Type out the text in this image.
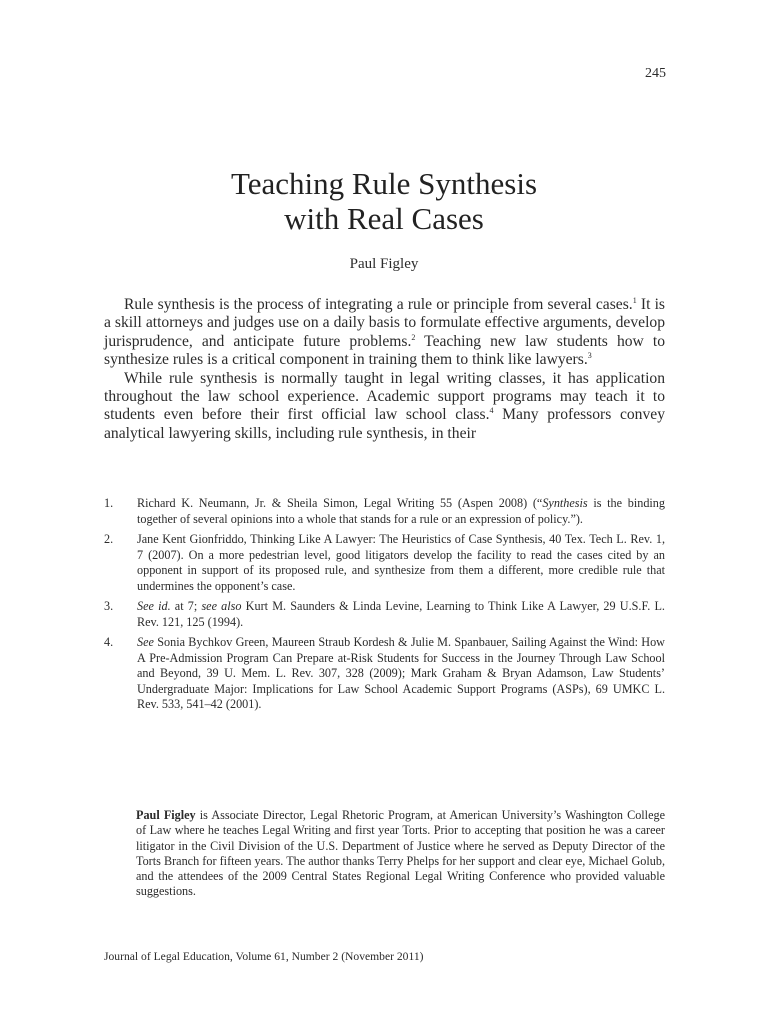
245
Teaching Rule Synthesis
with Real Cases
Paul Figley

Rule synthesis is the process of integrating a rule or principle from several cases.$^1$ It is a skill attorneys and judges use on a daily basis to formulate effective arguments, develop jurisprudence, and anticipate future problems.$^2$ Teaching new law students how to synthesize rules is a critical component in training them to think like lawyers.$^3$

While rule synthesis is normally taught in legal writing classes, it has application throughout the law school experience. Academic support programs may teach it to students even before their first official law school class.$^4$ Many professors convey analytical lawyering skills, including rule synthesis, in their

1.	Richard K. Neumann, Jr. & Sheila Simon, Legal Writing 55 (Aspen 2008) (“Synthesis is the binding together of several opinions into a whole that stands for a rule or an expression of policy.”).
2.	Jane Kent Gionfriddo, Thinking Like A Lawyer: The Heuristics of Case Synthesis, 40 Tex. Tech L. Rev. 1, 7 (2007). On a more pedestrian level, good litigators develop the facility to read the cases cited by an opponent in support of its proposed rule, and synthesize from them a different, more credible rule that undermines the opponent’s case.
3.	See id. at 7; see also Kurt M. Saunders & Linda Levine, Learning to Think Like A Lawyer, 29 U.S.F. L. Rev. 121, 125 (1994).
4.	See Sonia Bychkov Green, Maureen Straub Kordesh & Julie M. Spanbauer, Sailing Against the Wind: How A Pre-Admission Program Can Prepare at-Risk Students for Success in the Journey Through Law School and Beyond, 39 U. Mem. L. Rev. 307, 328 (2009); Mark Graham & Bryan Adamson, Law Students’ Undergraduate Major: Implications for Law School Academic Support Programs (ASPs), 69 UMKC L. Rev. 533, 541–42 (2001).
Paul Figley is Associate Director, Legal Rhetoric Program, at American University’s Washington College of Law where he teaches Legal Writing and first year Torts. Prior to accepting that position he was a career litigator in the Civil Division of the U.S. Department of Justice where he served as Deputy Director of the Torts Branch for fifteen years. The author thanks Terry Phelps for her support and clear eye, Michael Golub, and the attendees of the 2009 Central States Regional Legal Writing Conference who provided valuable suggestions.
Journal of Legal Education, Volume 61, Number 2 (November 2011)
